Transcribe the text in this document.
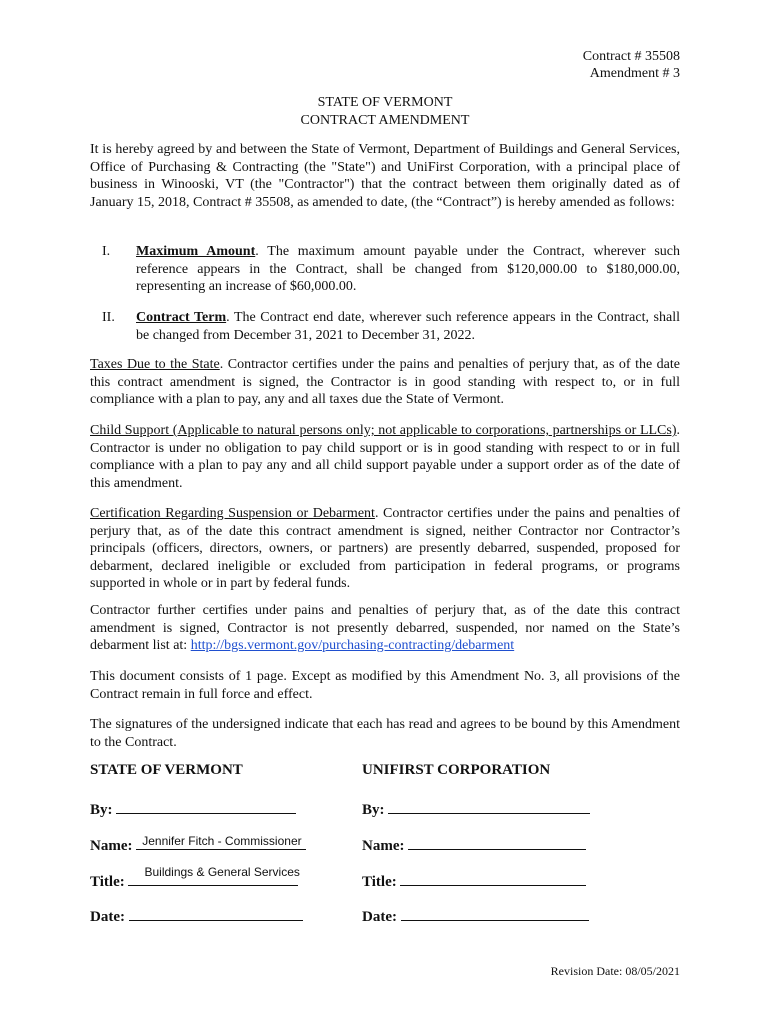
Contract # 35508
Amendment # 3
STATE OF VERMONT
CONTRACT AMENDMENT
It is hereby agreed by and between the State of Vermont, Department of Buildings and General Services, Office of Purchasing & Contracting (the "State") and UniFirst Corporation, with a principal place of business in Winooski, VT (the "Contractor") that the contract between them originally dated as of January 15, 2018, Contract # 35508, as amended to date, (the “Contract”) is hereby amended as follows:
I. Maximum Amount. The maximum amount payable under the Contract, wherever such reference appears in the Contract, shall be changed from $120,000.00 to $180,000.00, representing an increase of $60,000.00.
II. Contract Term. The Contract end date, wherever such reference appears in the Contract, shall be changed from December 31, 2021 to December 31, 2022.
Taxes Due to the State. Contractor certifies under the pains and penalties of perjury that, as of the date this contract amendment is signed, the Contractor is in good standing with respect to, or in full compliance with a plan to pay, any and all taxes due the State of Vermont.
Child Support (Applicable to natural persons only; not applicable to corporations, partnerships or LLCs). Contractor is under no obligation to pay child support or is in good standing with respect to or in full compliance with a plan to pay any and all child support payable under a support order as of the date of this amendment.
Certification Regarding Suspension or Debarment. Contractor certifies under the pains and penalties of perjury that, as of the date this contract amendment is signed, neither Contractor nor Contractor’s principals (officers, directors, owners, or partners) are presently debarred, suspended, proposed for debarment, declared ineligible or excluded from participation in federal programs, or programs supported in whole or in part by federal funds.
Contractor further certifies under pains and penalties of perjury that, as of the date this contract amendment is signed, Contractor is not presently debarred, suspended, nor named on the State’s debarment list at: http://bgs.vermont.gov/purchasing-contracting/debarment
This document consists of 1 page. Except as modified by this Amendment No. 3, all provisions of the Contract remain in full force and effect.
The signatures of the undersigned indicate that each has read and agrees to be bound by this Amendment to the Contract.
STATE OF VERMONT
By:
Name: Jennifer Fitch - Commissioner
Title:
Buildings & General Services
Date:
UNIFIRST CORPORATION
By:
Name:
Title:
Date:
Revision Date: 08/05/2021
